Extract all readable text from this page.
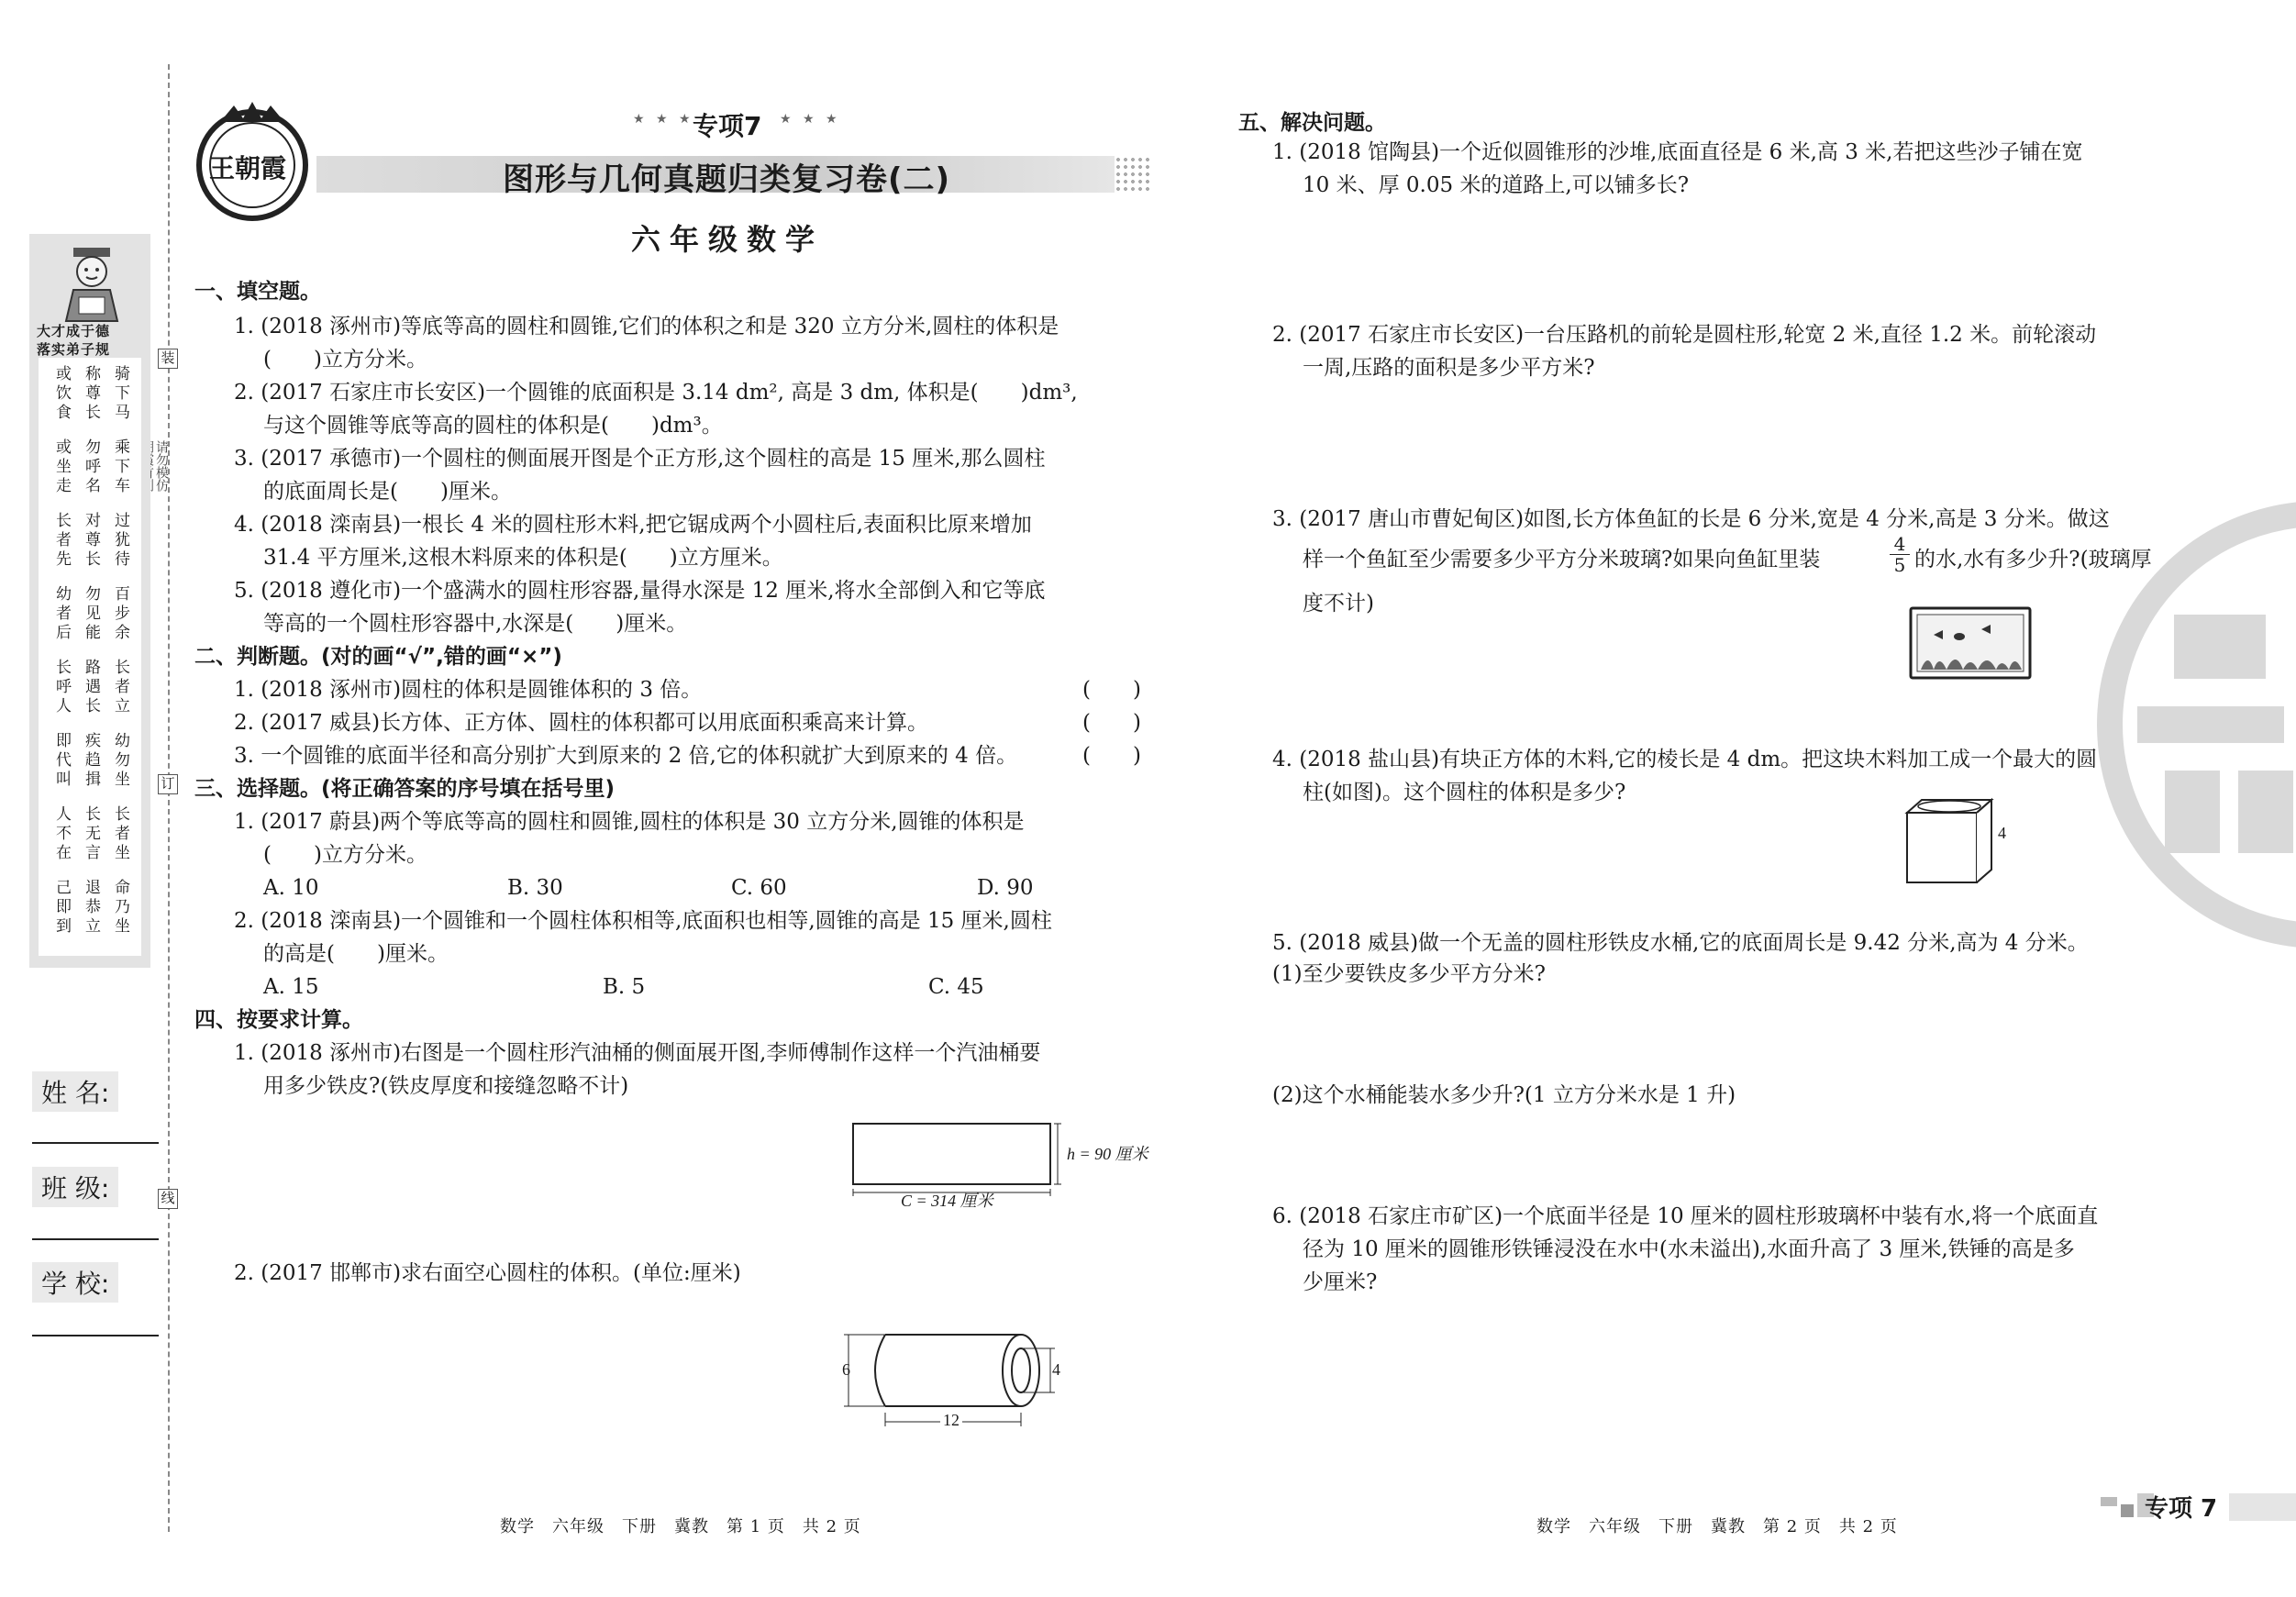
装
订
线
请勿模仿
大才成于德
落实弟子规
骑下马
称尊长
或饮食
乘下车
勿呼名
或坐走
过犹待
对尊长
长者先
百步余
勿见能
幼者后
长者立
路遇长
长呼人
幼勿坐
疾趋揖
即代叫
长者坐
长无言
人不在
命乃坐
退恭立
己即到
姓 名:
班 级:
学 校:
王朝霞
★ ★ ★
专项7 ★ ★ ★
图形与几何真题归类复习卷(二)
六年级数学
一、填空题。
1. (2018 涿州市)等底等高的圆柱和圆锥,它们的体积之和是 320 立方分米,圆柱的体积是
(　　)立方分米。
2. (2017 石家庄市长安区)一个圆锥的底面积是 3.14 dm², 高是 3 dm, 体积是(　　)dm³,
与这个圆锥等底等高的圆柱的体积是(　　)dm³。
3. (2017 承德市)一个圆柱的侧面展开图是个正方形,这个圆柱的高是 15 厘米,那么圆柱
的底面周长是(　　)厘米。
4. (2018 滦南县)一根长 4 米的圆柱形木料,把它锯成两个小圆柱后,表面积比原来增加
31.4 平方厘米,这根木料原来的体积是(　　)立方厘米。
5. (2018 遵化市)一个盛满水的圆柱形容器,量得水深是 12 厘米,将水全部倒入和它等底
等高的一个圆柱形容器中,水深是(　　)厘米。
二、判断题。(对的画“√”,错的画“×”)
1. (2018 涿州市)圆柱的体积是圆锥体积的 3 倍。	(　　)
2. (2017 威县)长方体、正方体、圆柱的体积都可以用底面积乘高来计算。	(　　)
3. 一个圆锥的底面半径和高分别扩大到原来的 2 倍,它的体积就扩大到原来的 4 倍。	(　　)
三、选择题。(将正确答案的序号填在括号里)
1. (2017 蔚县)两个等底等高的圆柱和圆锥,圆柱的体积是 30 立方分米,圆锥的体积是
(　　)立方分米。
A. 10	B. 30	C. 60	D. 90
2. (2018 滦南县)一个圆锥和一个圆柱体积相等,底面积也相等,圆锥的高是 15 厘米,圆柱
的高是(　　)厘米。
A. 15	B. 5	C. 45
四、按要求计算。
1. (2018 涿州市)右图是一个圆柱形汽油桶的侧面展开图,李师傅制作这样一个汽油桶要
用多少铁皮?(铁皮厚度和接缝忽略不计)
h = 90 厘米
C = 314 厘米
2. (2017 邯郸市)求右面空心圆柱的体积。(单位:厘米)
6	4
12
五、解决问题。
1. (2018 馆陶县)一个近似圆锥形的沙堆,底面直径是 6 米,高 3 米,若把这些沙子铺在宽
10 米、厚 0.05 米的道路上,可以铺多长?
2. (2017 石家庄市长安区)一台压路机的前轮是圆柱形,轮宽 2 米,直径 1.2 米。前轮滚动
一周,压路的面积是多少平方米?
3. (2017 唐山市曹妃甸区)如图,长方体鱼缸的长是 6 分米,宽是 4 分米,高是 3 分米。做这
样一个鱼缸至少需要多少平方分米玻璃?如果向鱼缸里装	$\frac{4}{5}$ 的水,水有多少升?(玻璃厚
度不计)
4. (2018 盐山县)有块正方体的木料,它的棱长是 4 dm。把这块木料加工成一个最大的圆
柱(如图)。这个圆柱的体积是多少?
4
5. (2018 威县)做一个无盖的圆柱形铁皮水桶,它的底面周长是 9.42 分米,高为 4 分米。
(1)至少要铁皮多少平方分米?
(2)这个水桶能装水多少升?(1 立方分米水是 1 升)
6. (2018 石家庄市矿区)一个底面半径是 10 厘米的圆柱形玻璃杯中装有水,将一个底面直
径为 10 厘米的圆锥形铁锤浸没在水中(水未溢出),水面升高了 3 厘米,铁锤的高是多
少厘米?
数学　六年级　下册　冀教　第 1 页　共 2 页	数学　六年级　下册　冀教　第 2 页　共 2 页
专项 7
